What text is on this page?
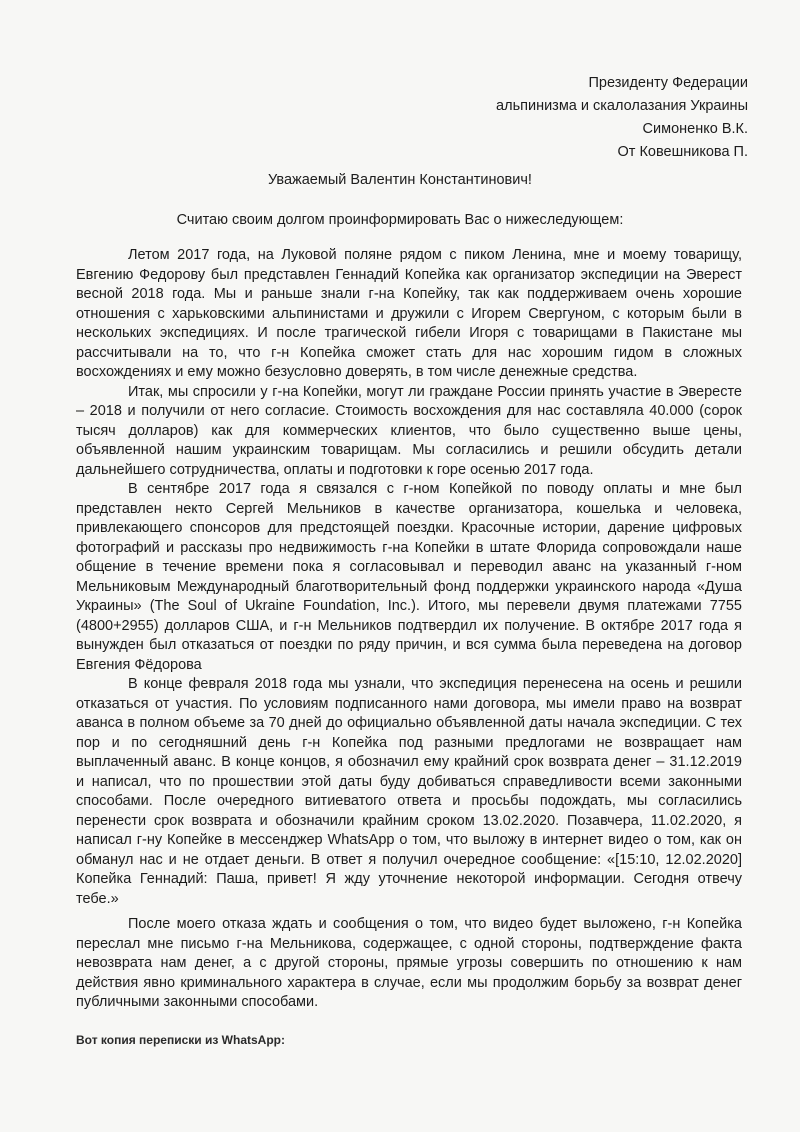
Президенту Федерации
альпинизма и скалолазания Украины
Симоненко В.К.
От Ковешникова П.
Уважаемый Валентин Константинович!
Считаю своим долгом проинформировать Вас о нижеследующем:

Летом 2017 года, на Луковой поляне рядом с пиком Ленина, мне и моему товарищу, Евгению Федорову был представлен Геннадий Копейка как организатор экспедиции на Эверест весной 2018 года. Мы и раньше знали г-на Копейку, так как поддерживаем очень хорошие отношения с харьковскими альпинистами и дружили с Игорем Свергуном, с которым были в нескольких экспедициях. И после трагической гибели Игоря с товарищами в Пакистане мы рассчитывали на то, что г-н Копейка сможет стать для нас хорошим гидом в сложных восхождениях и ему можно безусловно доверять, в том числе денежные средства.

Итак, мы спросили у г-на Копейки, могут ли граждане России принять участие в Эвересте – 2018 и получили от него согласие. Стоимость восхождения для нас составляла 40.000 (сорок тысяч долларов) как для коммерческих клиентов, что было существенно выше цены, объявленной нашим украинским товарищам. Мы согласились и решили обсудить детали дальнейшего сотрудничества, оплаты и подготовки к горе осенью 2017 года.

В сентябре 2017 года я связался с г-ном Копейкой по поводу оплаты и мне был представлен некто Сергей Мельников в качестве организатора, кошелька и человека, привлекающего спонсоров для предстоящей поездки. Красочные истории, дарение цифровых фотографий и рассказы про недвижимость г-на Копейки в штате Флорида сопровождали наше общение в течение времени пока я согласовывал и переводил аванс на указанный г-ном Мельниковым Международный благотворительный фонд поддержки украинского народа «Душа Украины» (The Soul of Ukraine Foundation, Inc.). Итого, мы перевели двумя платежами 7755 (4800+2955) долларов США, и г-н Мельников подтвердил их получение. В октябре 2017 года я вынужден был отказаться от поездки по ряду причин, и вся сумма была переведена на договор Евгения Фёдорова

В конце февраля 2018 года мы узнали, что экспедиция перенесена на осень и решили отказаться от участия. По условиям подписанного нами договора, мы имели право на возврат аванса в полном объеме за 70 дней до официально объявленной даты начала экспедиции. С тех пор и по сегодняшний день г-н Копейка под разными предлогами не возвращает нам выплаченный аванс. В конце концов, я обозначил ему крайний срок возврата денег – 31.12.2019 и написал, что по прошествии этой даты буду добиваться справедливости всеми законными способами. После очередного витиеватого ответа и просьбы подождать, мы согласились перенести срок возврата и обозначили крайним сроком 13.02.2020. Позавчера, 11.02.2020, я написал г-ну Копейке в мессенджер WhatsApp о том, что выложу в интернет видео о том, как он обманул нас и не отдает деньги. В ответ я получил очередное сообщение: «[15:10, 12.02.2020] Копейка Геннадий: Паша, привет! Я жду уточнение некоторой информации. Сегодня отвечу тебе.»

После моего отказа ждать и сообщения о том, что видео будет выложено, г-н Копейка переслал мне письмо г-на Мельникова, содержащее, с одной стороны, подтверждение факта невозврата нам денег, а с другой стороны, прямые угрозы совершить по отношению к нам действия явно криминального характера в случае, если мы продолжим борьбу за возврат денег публичными законными способами.

Вот копия переписки из WhatsApp:
